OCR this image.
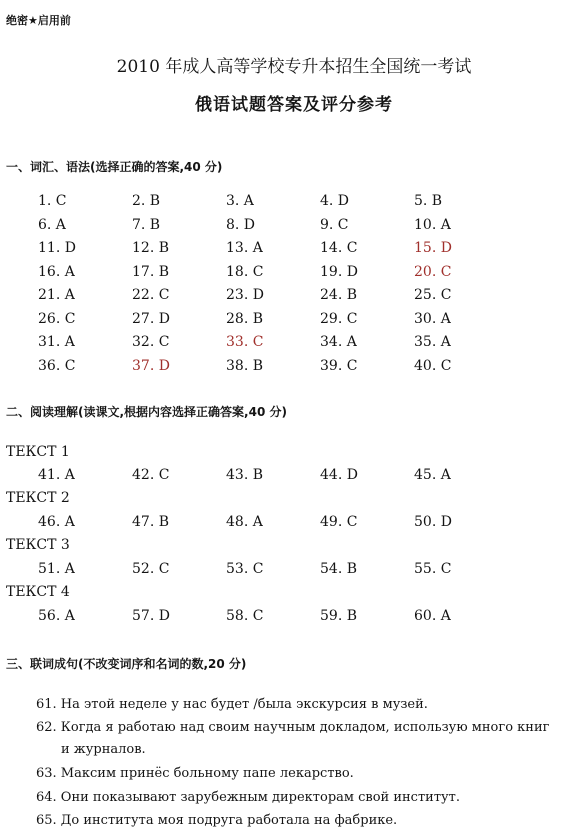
绝密★启用前
2010 年成人高等学校专升本招生全国统一考试
俄语试题答案及评分参考
一、词汇、语法(选择正确的答案,40 分)
1. C	2. B	3. A	4. D	5. B
6. A	7. B	8. D	9. C	10. A
11. D	12. B	13. A	14. C	15. D
16. A	17. B	18. C	19. D	20. C
21. A	22. C	23. D	24. B	25. C
26. C	27. D	28. B	29. C	30. A
31. A	32. C	33. C	34. A	35. A
36. C	37. D	38. B	39. C	40. C
二、阅读理解(读课文,根据内容选择正确答案,40 分)
ТЕКСТ 1
41. A	42. C	43. B	44. D	45. A
ТЕКСТ 2
46. A	47. B	48. A	49. C	50. D
ТЕКСТ 3
51. A	52. C	53. C	54. B	55. C
ТЕКСТ 4
56. A	57. D	58. C	59. B	60. A
三、联词成句(不改变词序和名词的数,20 分)
61. На этой неделе у нас будет /была экскурсия в музей.
62. Когда я работаю над своим научным докладом, использую много книг
и журналов.
63. Максим принёс больному папе лекарство.
64. Они показывают зарубежным директорам свой институт.
65. До института моя подруга работала на фабрике.
